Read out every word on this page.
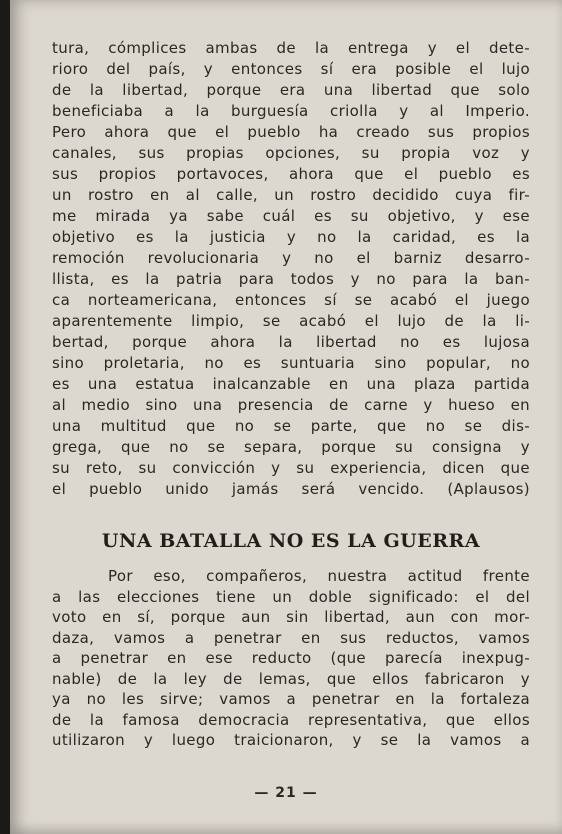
tura, cómplices ambas de la entrega y el dete-
rioro del país, y entonces sí era posible el lujo
de la libertad, porque era una libertad que solo
beneficiaba a la burguesía criolla y al Imperio.
Pero ahora que el pueblo ha creado sus propios
canales, sus propias opciones, su propia voz y
sus propios portavoces, ahora que el pueblo es
un rostro en al calle, un rostro decidido cuya fir-
me mirada ya sabe cuál es su objetivo, y ese
objetivo es la justicia y no la caridad, es la
remoción revolucionaria y no el barniz desarro-
llista, es la patria para todos y no para la ban-
ca norteamericana, entonces sí se acabó el juego
aparentemente limpio, se acabó el lujo de la li-
bertad, porque ahora la libertad no es lujosa
sino proletaria, no es suntuaria sino popular, no
es una estatua inalcanzable en una plaza partida
al medio sino una presencia de carne y hueso en
una multitud que no se parte, que no se dis-
grega, que no se separa, porque su consigna y
su reto, su convicción y su experiencia, dicen que
el pueblo unido jamás será vencido. (Aplausos)
UNA BATALLA NO ES LA GUERRA
Por eso, compañeros, nuestra actitud frente
a las elecciones tiene un doble significado: el del
voto en sí, porque aun sin libertad, aun con mor-
daza, vamos a penetrar en sus reductos, vamos
a penetrar en ese reducto (que parecía inexpug-
nable) de la ley de lemas, que ellos fabricaron y
ya no les sirve; vamos a penetrar en la fortaleza
de la famosa democracia representativa, que ellos
utilizaron y luego traicionaron, y se la vamos a
— 21 —
